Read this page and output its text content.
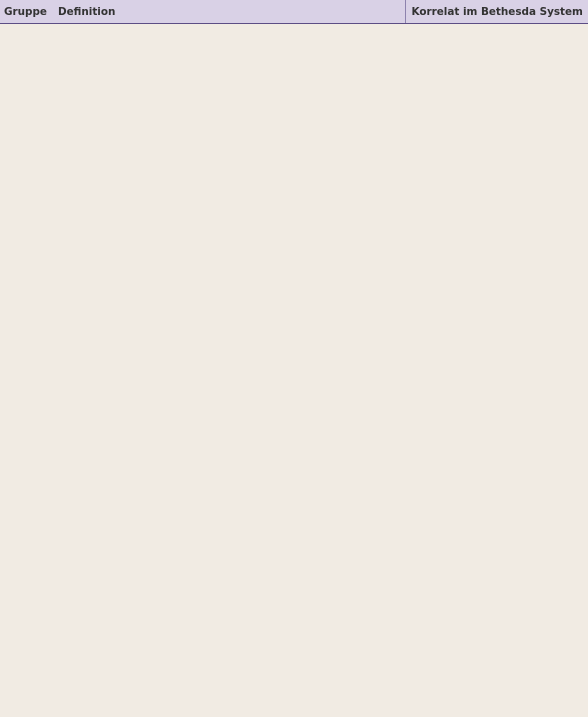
Gruppe	Definition	Korrelat im Bethesda System
